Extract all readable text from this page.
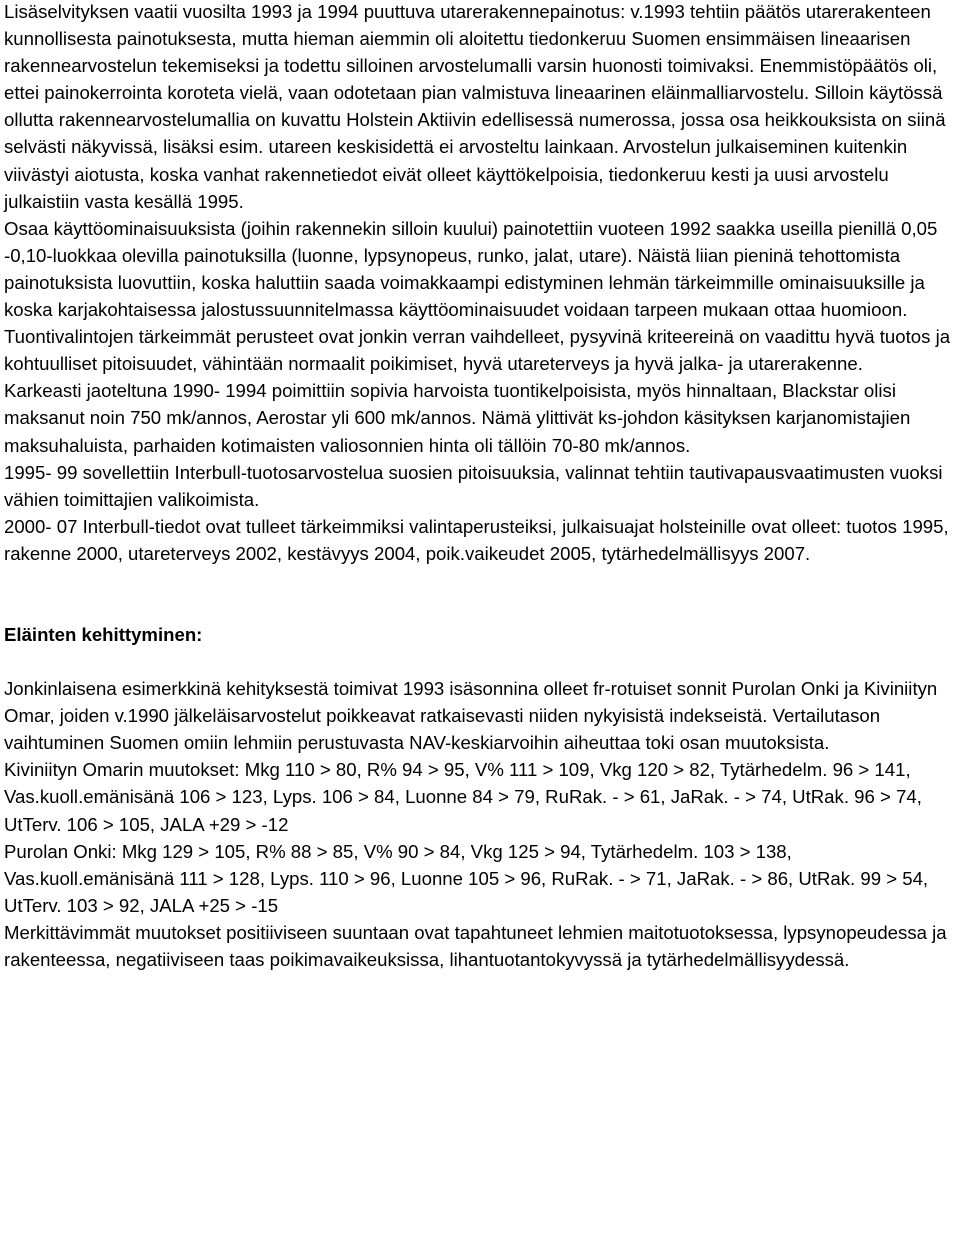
Lisäselvityksen vaatii vuosilta 1993 ja 1994 puuttuva utarerakennepainotus: v.1993 tehtiin päätös utarerakenteen kunnollisesta painotuksesta, mutta hieman aiemmin oli aloitettu tiedonkeruu Suomen ensimmäisen lineaarisen rakennearvostelun tekemiseksi ja todettu silloinen arvostelumalli varsin huonosti toimivaksi. Enemmistöpäätös oli, ettei painokerrointa koroteta vielä, vaan odotetaan pian valmistuva lineaarinen eläinmalliarvostelu. Silloin käytössä ollutta rakennearvostelumallia on kuvattu Holstein Aktiivin edellisessä numerossa, jossa osa heikkouksista on siinä selvästi näkyvissä, lisäksi esim. utareen keskisidettä ei arvosteltu lainkaan. Arvostelun julkaiseminen kuitenkin viivästyi aiotusta, koska vanhat rakennetiedot eivät olleet käyttökelpoisia, tiedonkeruu kesti ja uusi arvostelu julkaistiin vasta kesällä 1995.

Osaa käyttöominaisuuksista (joihin rakennekin silloin kuului) painotettiin vuoteen 1992 saakka useilla pienillä 0,05 -0,10-luokkaa olevilla painotuksilla (luonne, lypsynopeus, runko, jalat, utare). Näistä liian pieninä tehottomista painotuksista luovuttiin, koska haluttiin saada voimakkaampi edistyminen lehmän tärkeimmille ominaisuuksille ja koska karjakohtaisessa jalostussuunnitelmassa käyttöominaisuudet voidaan tarpeen mukaan ottaa huomioon.

Tuontivalintojen tärkeimmät perusteet ovat jonkin verran vaihdelleet, pysyvinä kriteereinä on vaadittu hyvä tuotos ja kohtuulliset pitoisuudet, vähintään normaalit poikimiset, hyvä utareterveys ja hyvä jalka- ja utarerakenne.

Karkeasti jaoteltuna 1990- 1994 poimittiin sopivia harvoista tuontikelpoisista, myös hinnaltaan, Blackstar olisi maksanut noin 750 mk/annos, Aerostar yli 600 mk/annos. Nämä ylittivät ks-johdon käsityksen karjanomistajien maksuhaluista, parhaiden kotimaisten valiosonnien hinta oli tällöin 70-80 mk/annos.

1995- 99 sovellettiin Interbull-tuotosarvostelua suosien pitoisuuksia, valinnat tehtiin tautivapausvaatimusten vuoksi vähien toimittajien valikoimista.

2000- 07 Interbull-tiedot ovat tulleet tärkeimmiksi valintaperusteiksi, julkaisuajat holsteinille ovat olleet: tuotos 1995, rakenne 2000, utareterveys 2002, kestävyys 2004, poik.vaikeudet 2005, tytärhedelmällisyys 2007.

Eläinten kehittyminen:

Jonkinlaisena esimerkkinä kehityksestä toimivat 1993 isäsonnina olleet fr-rotuiset sonnit Purolan Onki ja Kiviniityn Omar, joiden v.1990 jälkeläisarvostelut poikkeavat ratkaisevasti niiden nykyisistä indekseistä. Vertailutason vaihtuminen Suomen omiin lehmiin perustuvasta NAV-keskiarvoihin aiheuttaa toki osan muutoksista.

Kiviniityn Omarin muutokset: Mkg 110 > 80, R% 94 > 95, V% 111 > 109, Vkg 120 > 82, Tytärhedelm. 96 > 141, Vas.kuoll.emänisänä 106 > 123, Lyps. 106 > 84, Luonne 84 > 79, RuRak. - > 61, JaRak. - > 74, UtRak. 96 > 74, UtTerv. 106 > 105, JALA +29 > -12

Purolan Onki: Mkg 129 > 105, R% 88 > 85, V% 90 > 84, Vkg 125 > 94, Tytärhedelm. 103 > 138, Vas.kuoll.emänisänä 111 > 128, Lyps. 110 > 96, Luonne 105 > 96, RuRak. - > 71, JaRak. - > 86, UtRak. 99 > 54, UtTerv. 103 > 92, JALA +25 > -15

Merkittävimmät muutokset positiiviseen suuntaan ovat tapahtuneet lehmien maitotuotoksessa, lypsynopeudessa ja rakenteessa, negatiiviseen taas poikimavaikeuksissa, lihantuotantokyvyssä ja tytärhedelmällisyydessä.
